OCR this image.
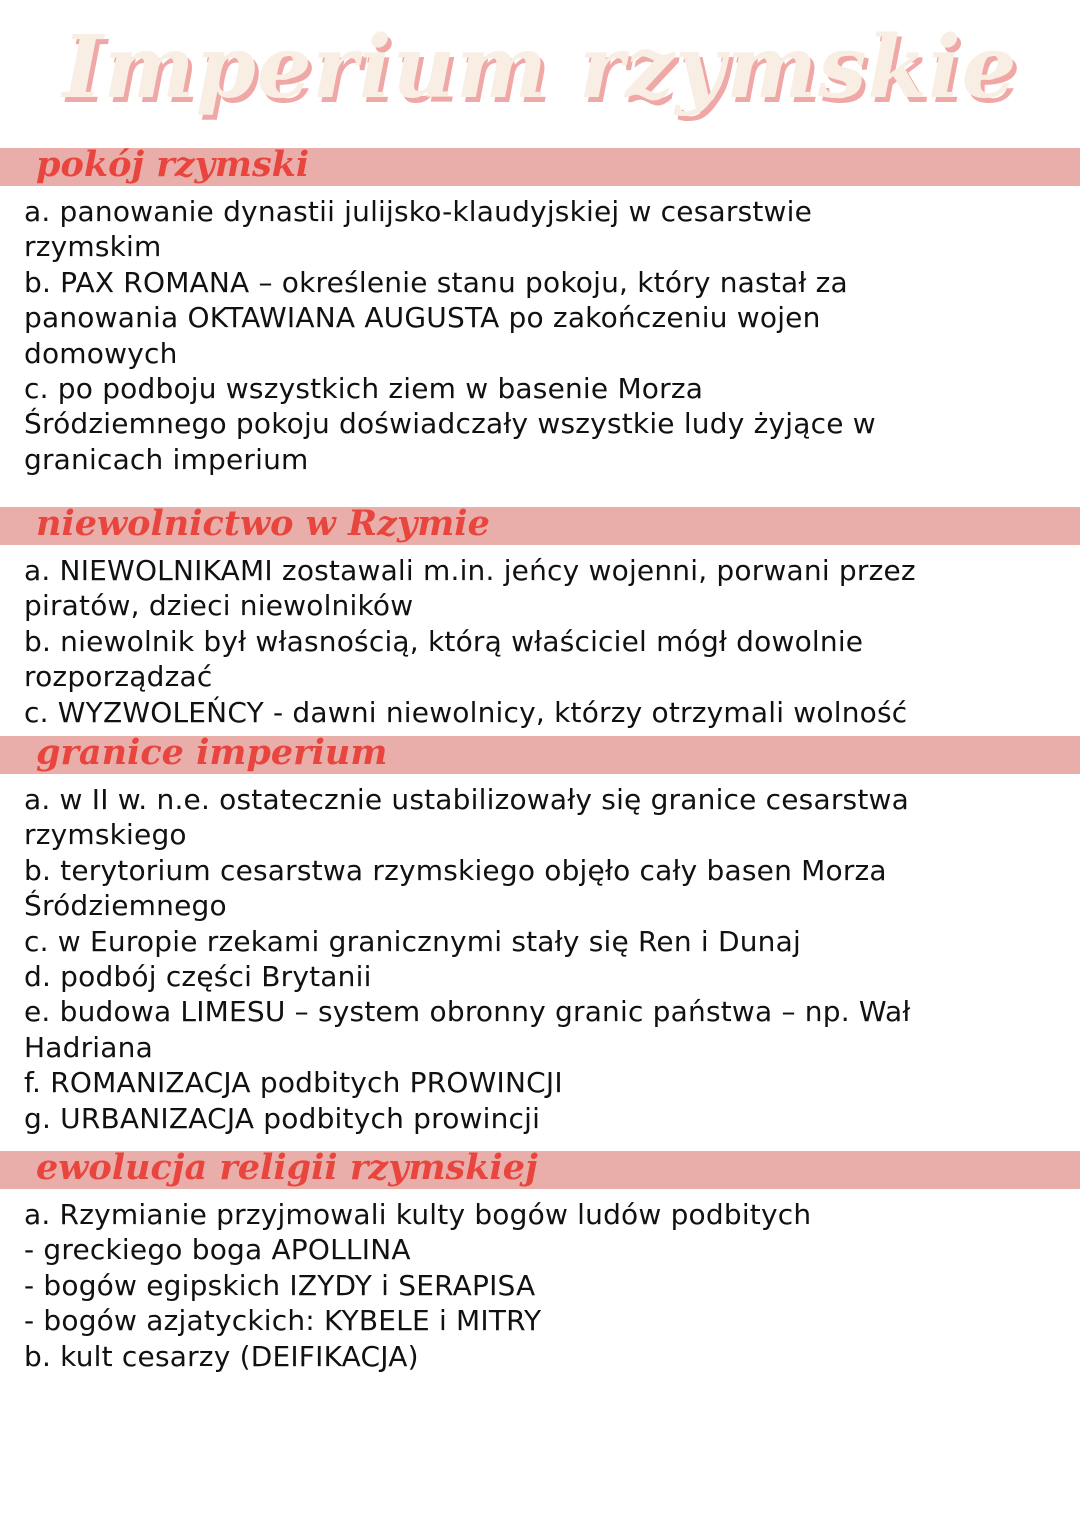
Imperium rzymskie
pokój rzymski
a. panowanie dynastii julijsko-klaudyjskiej w cesarstwie
rzymskim
b. PAX ROMANA – określenie stanu pokoju, który nastał za
panowania OKTAWIANA AUGUSTA po zakończeniu wojen
domowych
c. po podboju wszystkich ziem w basenie Morza
Śródziemnego pokoju doświadczały wszystkie ludy żyjące w
granicach imperium
niewolnictwo w Rzymie
a. NIEWOLNIKAMI zostawali m.in. jeńcy wojenni, porwani przez
piratów, dzieci niewolników
b. niewolnik był własnością, którą właściciel mógł dowolnie
rozporządzać
c. WYZWOLEŃCY - dawni niewolnicy, którzy otrzymali wolność
granice imperium
a. w II w. n.e. ostatecznie ustabilizowały się granice cesarstwa
rzymskiego
b. terytorium cesarstwa rzymskiego objęło cały basen Morza
Śródziemnego
c. w Europie rzekami granicznymi stały się Ren i Dunaj
d. podbój części Brytanii
e. budowa LIMESU – system obronny granic państwa – np. Wał
Hadriana
f. ROMANIZACJA podbitych PROWINCJI
g. URBANIZACJA podbitych prowincji
ewolucja religii rzymskiej
a. Rzymianie przyjmowali kulty bogów ludów podbitych
- greckiego boga APOLLINA
- bogów egipskich IZYDY i SERAPISA
- bogów azjatyckich: KYBELE i MITRY
b. kult cesarzy (DEIFIKACJA)
